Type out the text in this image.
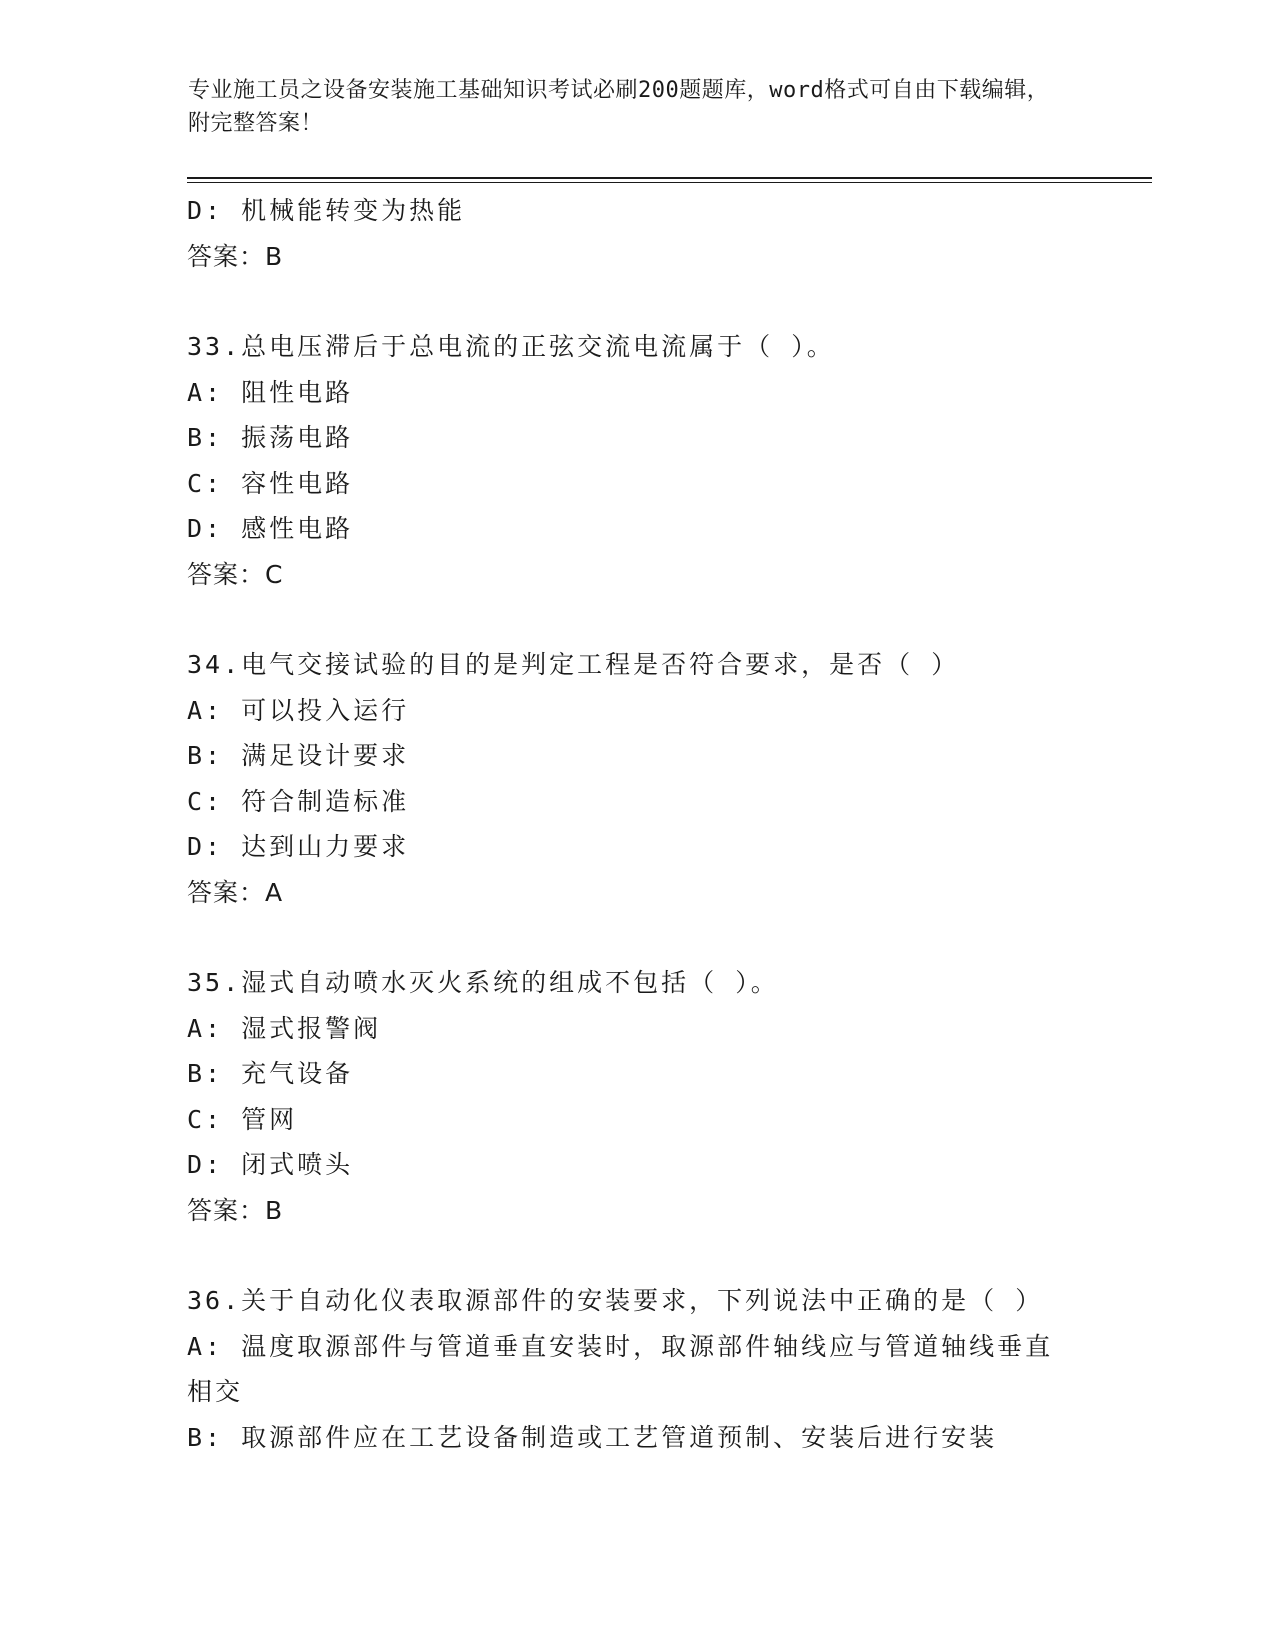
专业施工员之设备安装施工基础知识考试必刷200题题库，word格式可自由下载编辑，附完整答案！
D: 机械能转变为热能
答案：B
33.总电压滞后于总电流的正弦交流电流属于（ ）。
A: 阻性电路
B: 振荡电路
C: 容性电路
D: 感性电路
答案：C
34.电气交接试验的目的是判定工程是否符合要求，是否（ ）
A: 可以投入运行
B: 满足设计要求
C: 符合制造标准
D: 达到山力要求
答案：A
35.湿式自动喷水灭火系统的组成不包括（ ）。
A: 湿式报警阀
B: 充气设备
C: 管网
D: 闭式喷头
答案：B
36.关于自动化仪表取源部件的安装要求，下列说法中正确的是（ ）
A: 温度取源部件与管道垂直安装时，取源部件轴线应与管道轴线垂直相交
B: 取源部件应在工艺设备制造或工艺管道预制、安装后进行安装
